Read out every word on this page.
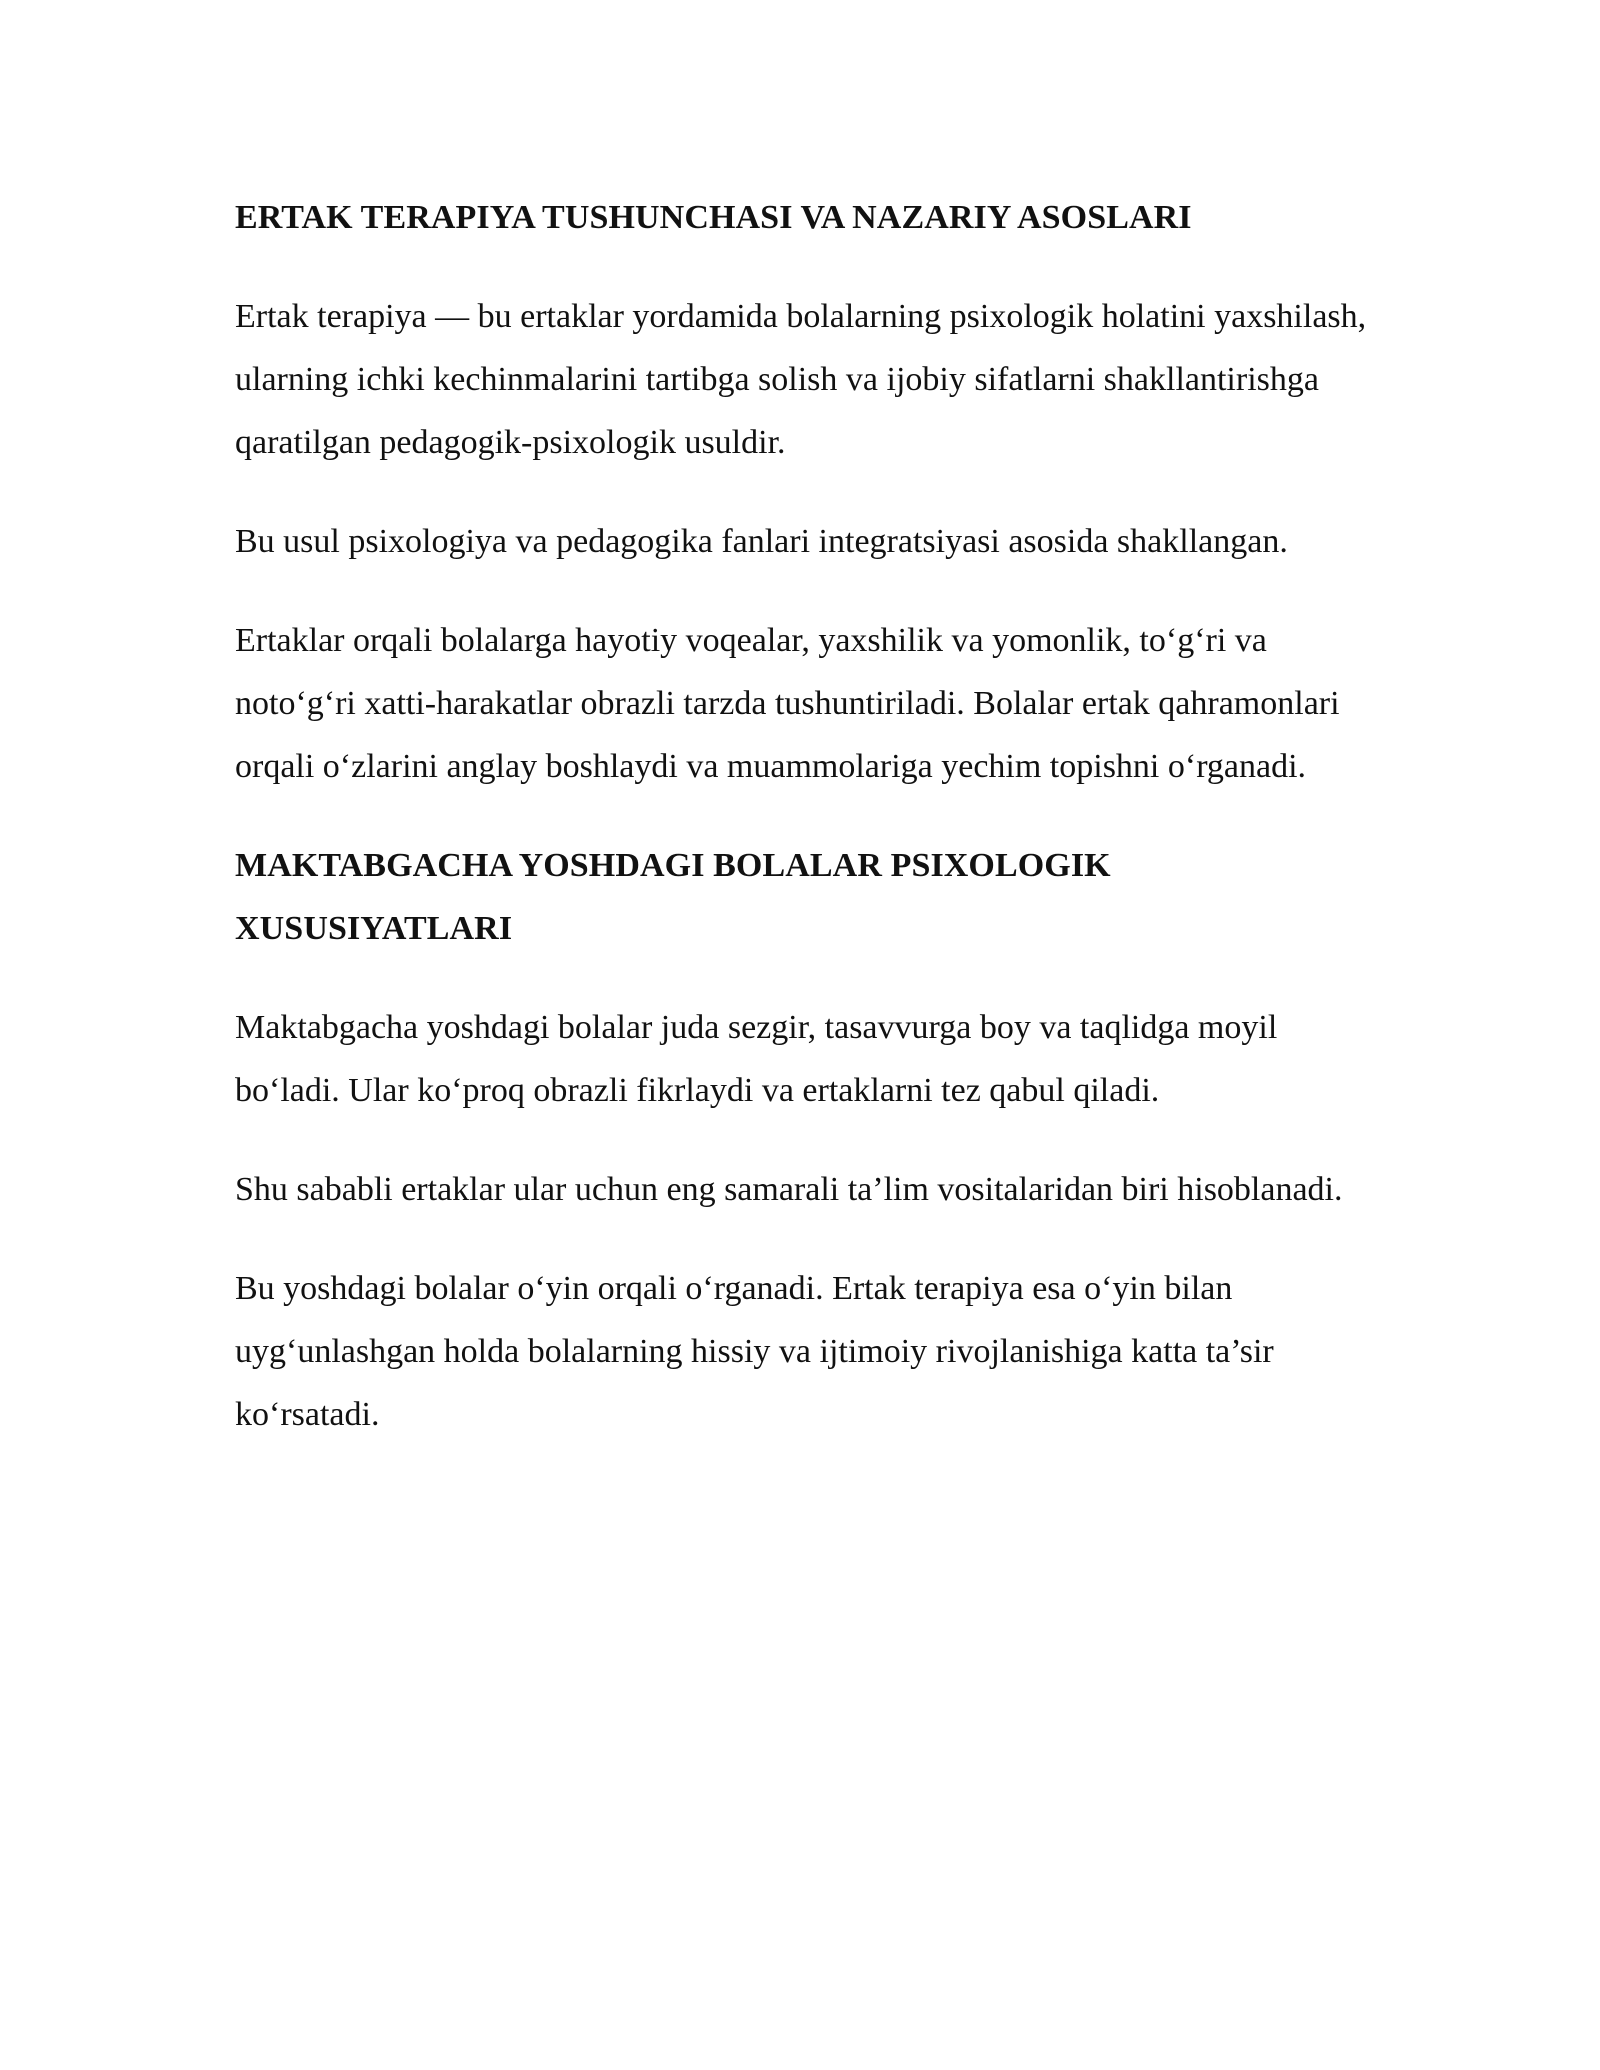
ERTAK TERAPIYA TUSHUNCHASI VA NAZARIY ASOSLARI

Ertak terapiya — bu ertaklar yordamida bolalarning psixologik holatini yaxshilash, ularning ichki kechinmalarini tartibga solish va ijobiy sifatlarni shakllantirishga qaratilgan pedagogik-psixologik usuldir.

Bu usul psixologiya va pedagogika fanlari integratsiyasi asosida shakllangan.

Ertaklar orqali bolalarga hayotiy voqealar, yaxshilik va yomonlik, to‘g‘ri va noto‘g‘ri xatti-harakatlar obrazli tarzda tushuntiriladi. Bolalar ertak qahramonlari orqali o‘zlarini anglay boshlaydi va muammolariga yechim topishni o‘rganadi.

MAKTABGACHA YOSHDAGI BOLALAR PSIXOLOGIK XUSUSIYATLARI

Maktabgacha yoshdagi bolalar juda sezgir, tasavvurga boy va taqlidga moyil bo‘ladi. Ular ko‘proq obrazli fikrlaydi va ertaklarni tez qabul qiladi.

Shu sababli ertaklar ular uchun eng samarali ta’lim vositalaridan biri hisoblanadi.

Bu yoshdagi bolalar o‘yin orqali o‘rganadi. Ertak terapiya esa o‘yin bilan uyg‘unlashgan holda bolalarning hissiy va ijtimoiy rivojlanishiga katta ta’sir ko‘rsatadi.
